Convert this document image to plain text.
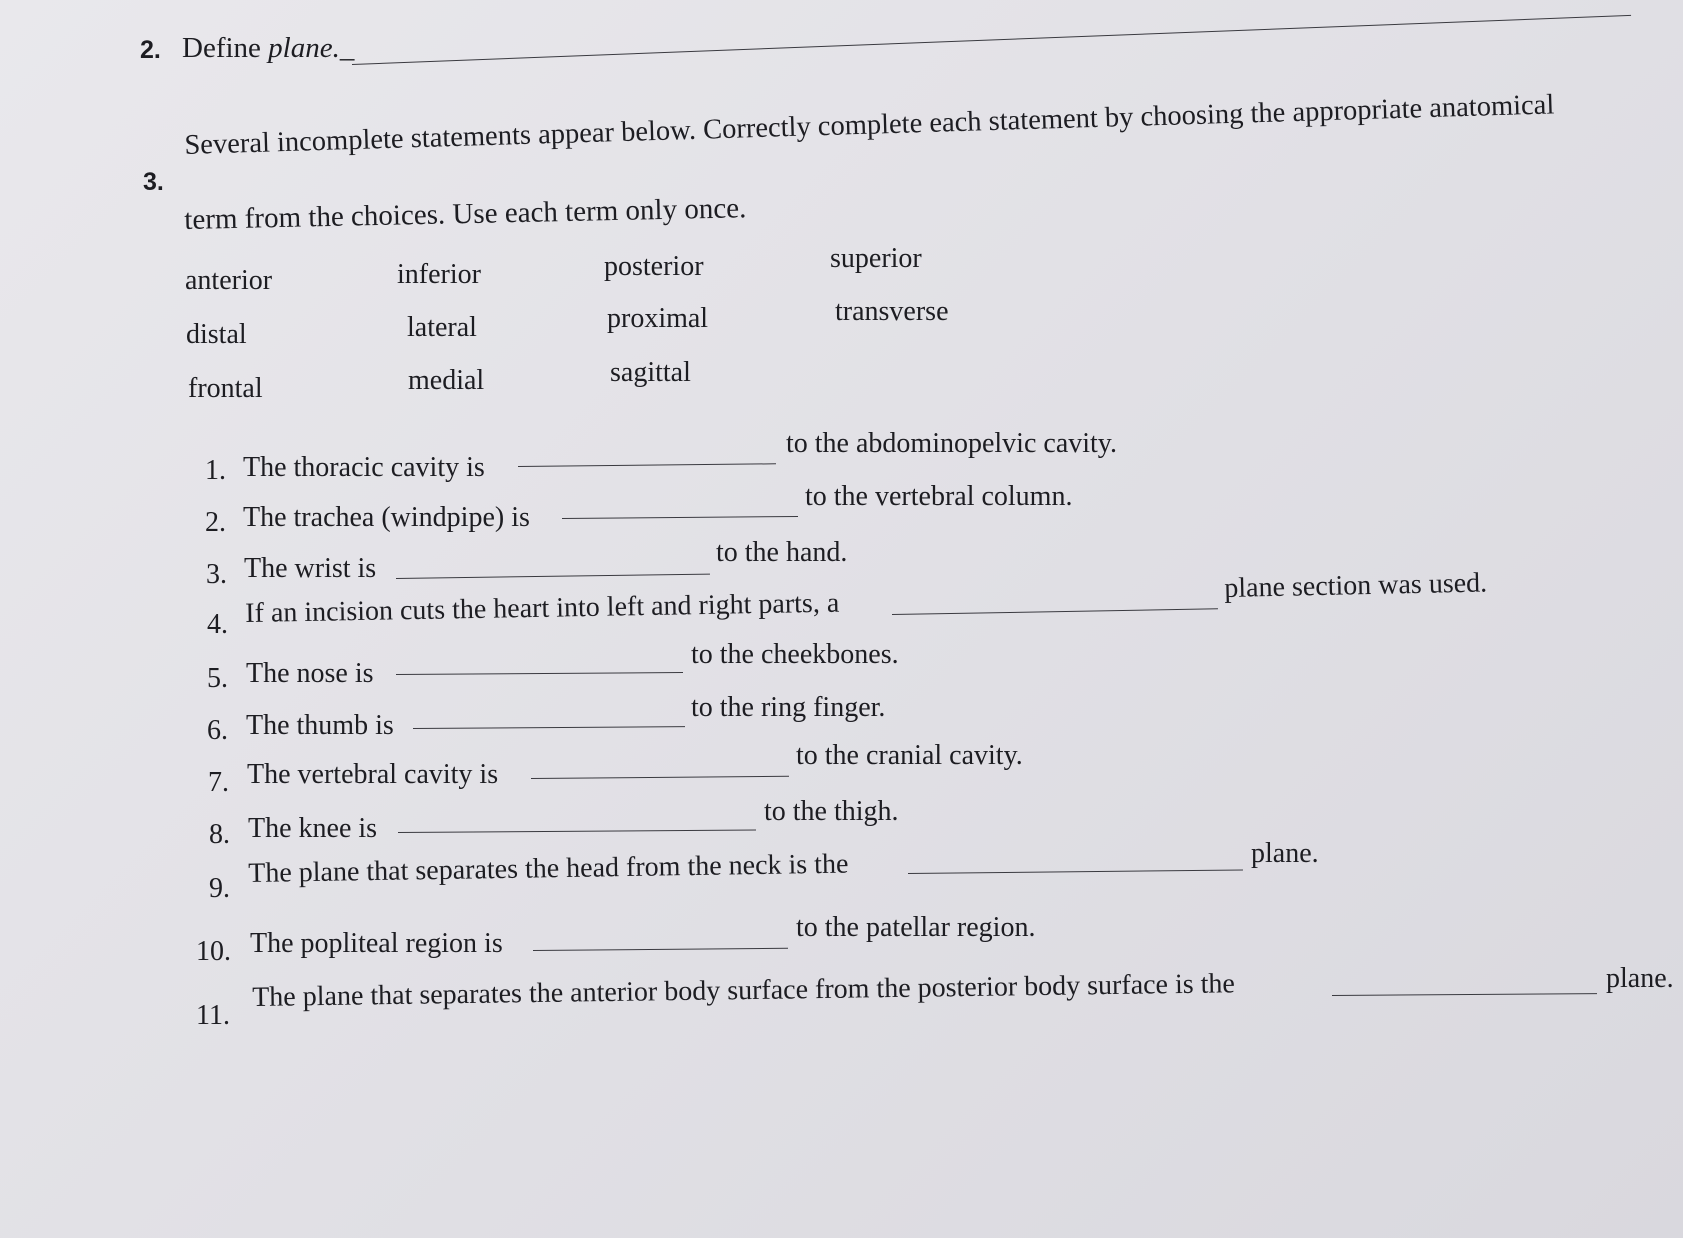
2. Define plane._
3.
Several incomplete statements appear below. Correctly complete each statement by choosing the appropriate anatomical
term from the choices. Use each term only once.
anterior	inferior	posterior	superior
distal	lateral	proximal	transverse
frontal	medial	sagittal
1. The thoracic cavity is
to the abdominopelvic cavity.
2. The trachea (windpipe) is
to the vertebral column.
3. The wrist is
to the hand.
4. If an incision cuts the heart into left and right parts, a
plane section was used.
5. The nose is
to the cheekbones.
6. The thumb is
to the ring finger.
7. The vertebral cavity is
to the cranial cavity.
8. The knee is
to the thigh.
9. The plane that separates the head from the neck is the	plane.
10. The popliteal region is
to the patellar region.
11.
The plane that separates the anterior body surface from the posterior body surface is the	plane.
